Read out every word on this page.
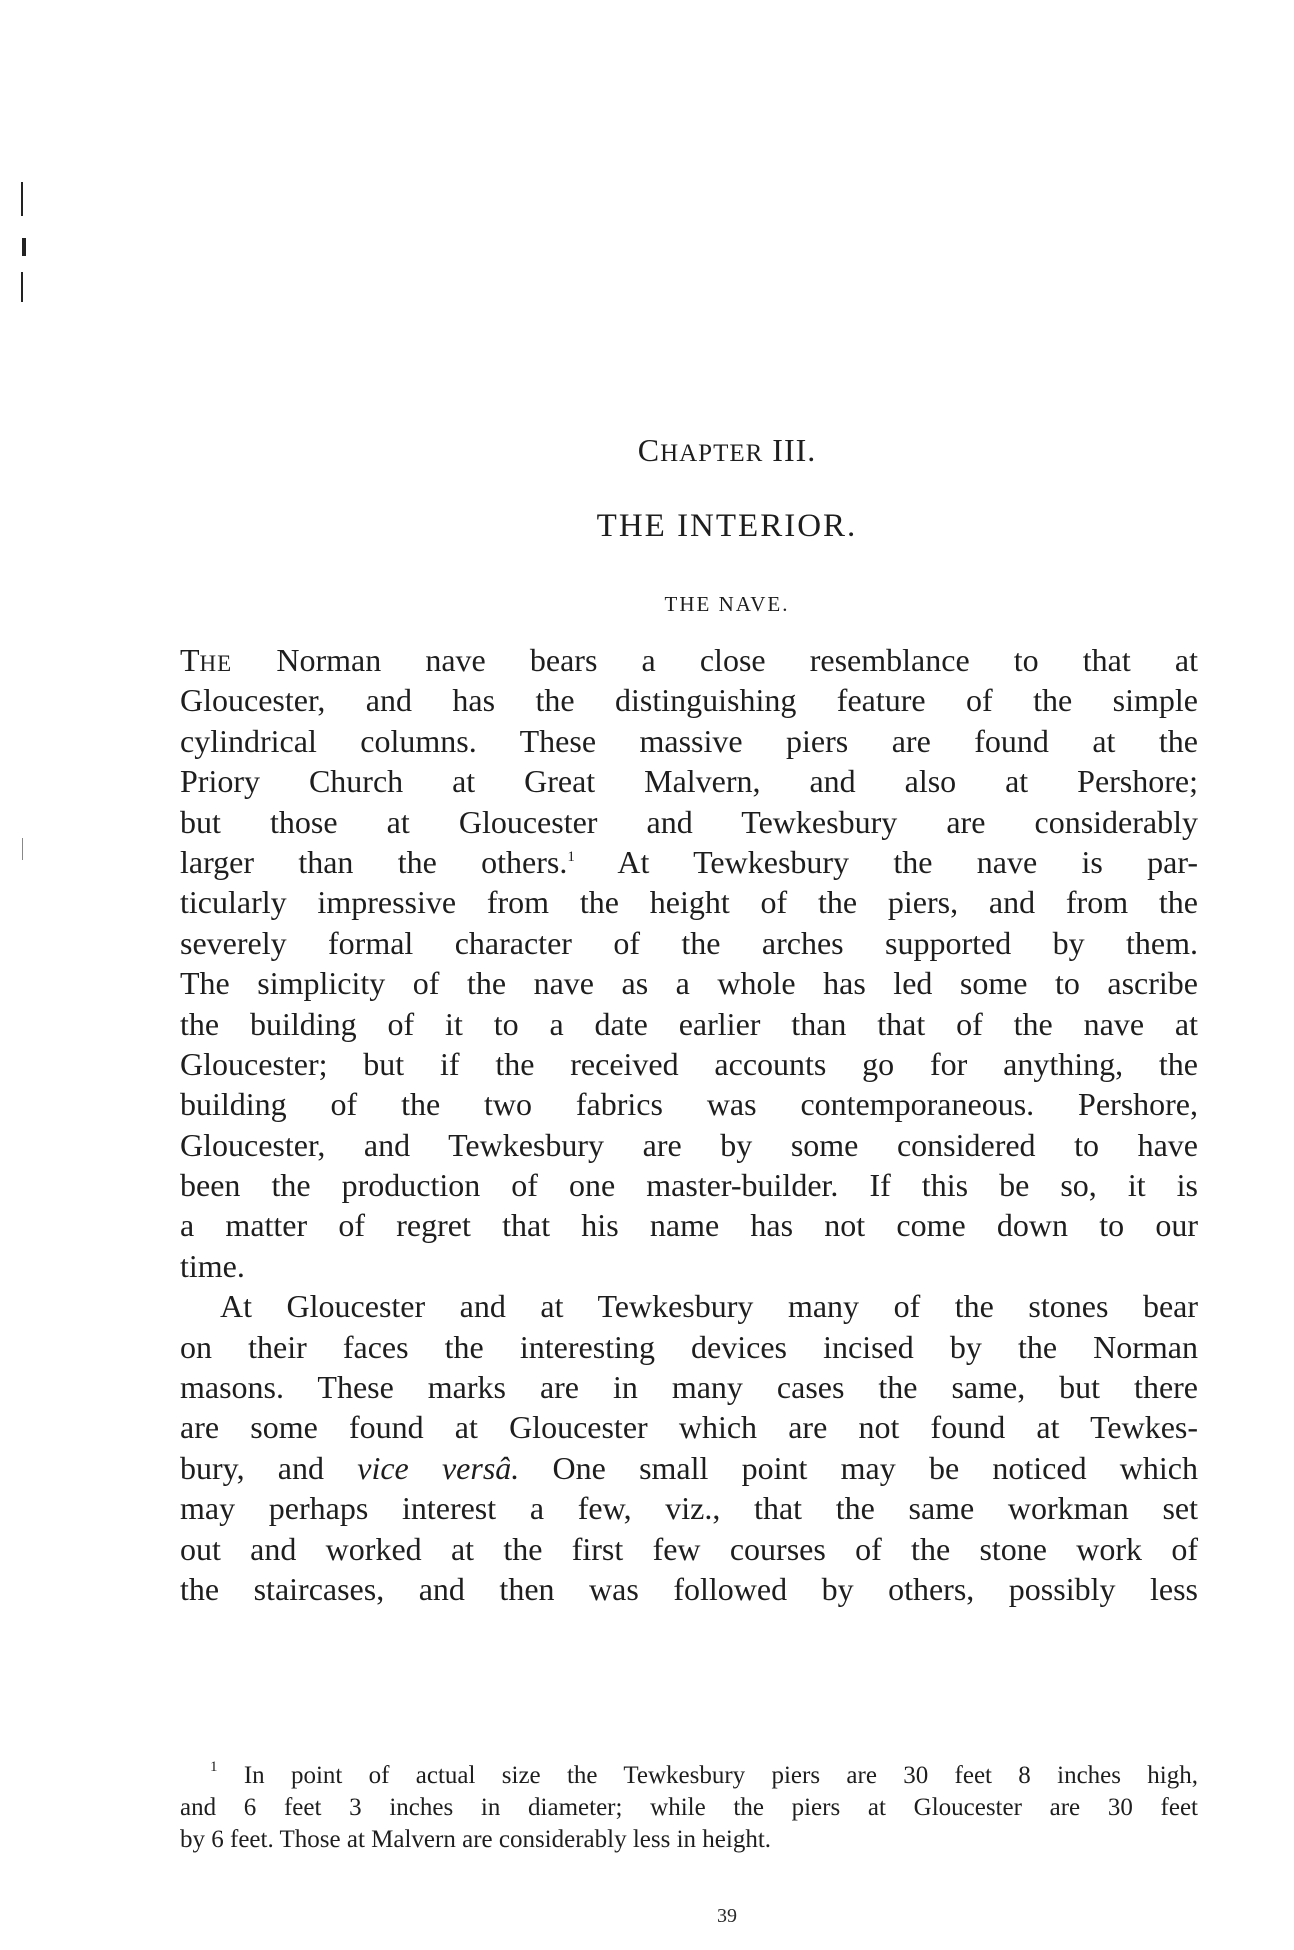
CHAPTER III.
THE INTERIOR.
THE NAVE.
THE Norman nave bears a close resemblance to that at
Gloucester, and has the distinguishing feature of the simple
cylindrical columns. These massive piers are found at the
Priory Church at Great Malvern, and also at Pershore;
but those at Gloucester and Tewkesbury are considerably
larger than the others.$^1$ At Tewkesbury the nave is par-
ticularly impressive from the height of the piers, and from the
severely formal character of the arches supported by them.
The simplicity of the nave as a whole has led some to ascribe
the building of it to a date earlier than that of the nave at
Gloucester; but if the received accounts go for anything, the
building of the two fabrics was contemporaneous. Pershore,
Gloucester, and Tewkesbury are by some considered to have
been the production of one master-builder. If this be so, it is
a matter of regret that his name has not come down to our
time.
At Gloucester and at Tewkesbury many of the stones bear
on their faces the interesting devices incised by the Norman
masons. These marks are in many cases the same, but there
are some found at Gloucester which are not found at Tewkes-
bury, and vice versâ. One small point may be noticed which
may perhaps interest a few, viz., that the same workman set
out and worked at the first few courses of the stone work of
the staircases, and then was followed by others, possibly less
$^1$ In point of actual size the Tewkesbury piers are 30 feet 8 inches high,
and 6 feet 3 inches in diameter; while the piers at Gloucester are 30 feet
by 6 feet. Those at Malvern are considerably less in height.
39
